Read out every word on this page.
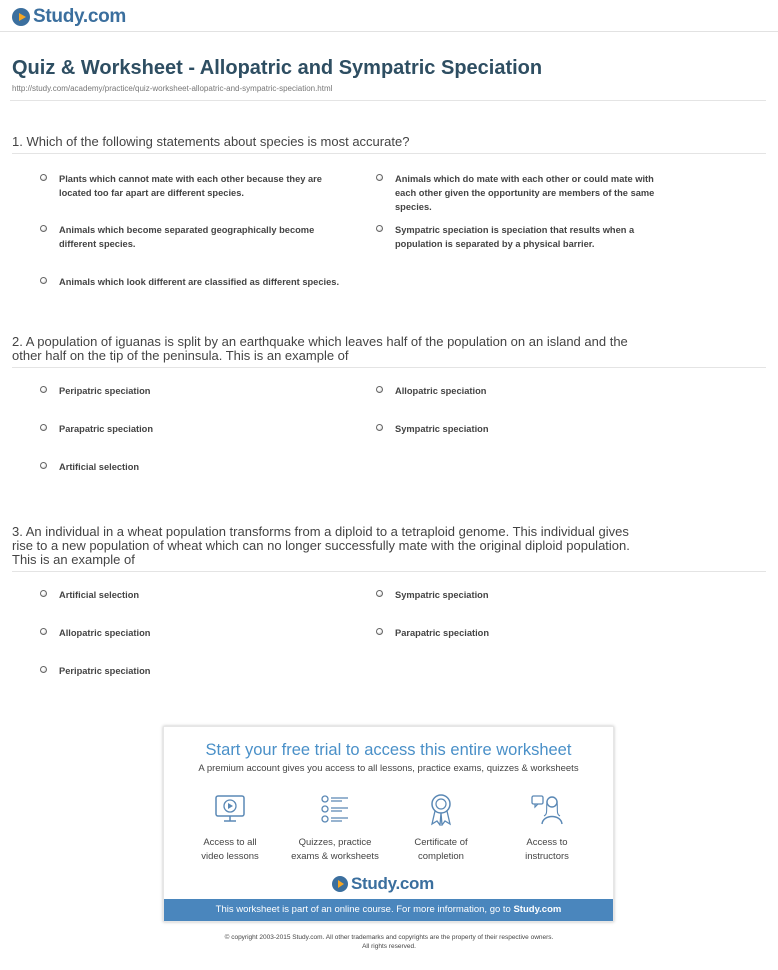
Study.com
Quiz & Worksheet - Allopatric and Sympatric Speciation
http://study.com/academy/practice/quiz-worksheet-allopatric-and-sympatric-speciation.html
1. Which of the following statements about species is most accurate?
Plants which cannot mate with each other because they are located too far apart are different species.
Animals which do mate with each other or could mate with each other given the opportunity are members of the same species.
Animals which become separated geographically become different species.
Sympatric speciation is speciation that results when a population is separated by a physical barrier.
Animals which look different are classified as different species.
2. A population of iguanas is split by an earthquake which leaves half of the population on an island and the other half on the tip of the peninsula. This is an example of
Peripatric speciation	Allopatric speciation
Parapatric speciation	Sympatric speciation
Artificial selection
3. An individual in a wheat population transforms from a diploid to a tetraploid genome. This individual gives rise to a new population of wheat which can no longer successfully mate with the original diploid population. This is an example of
Artificial selection	Sympatric speciation
Allopatric speciation	Parapatric speciation
Peripatric speciation
Start your free trial to access this entire worksheet
A premium account gives you access to all lessons, practice exams, quizzes & worksheets
Access to all
video lessons
Quizzes, practice
exams & worksheets
Certificate of
completion
Access to
instructors
Study.com
This worksheet is part of an online course. For more information, go to Study.com
© copyright 2003-2015 Study.com. All other trademarks and copyrights are the property of their respective owners.
All rights reserved.
